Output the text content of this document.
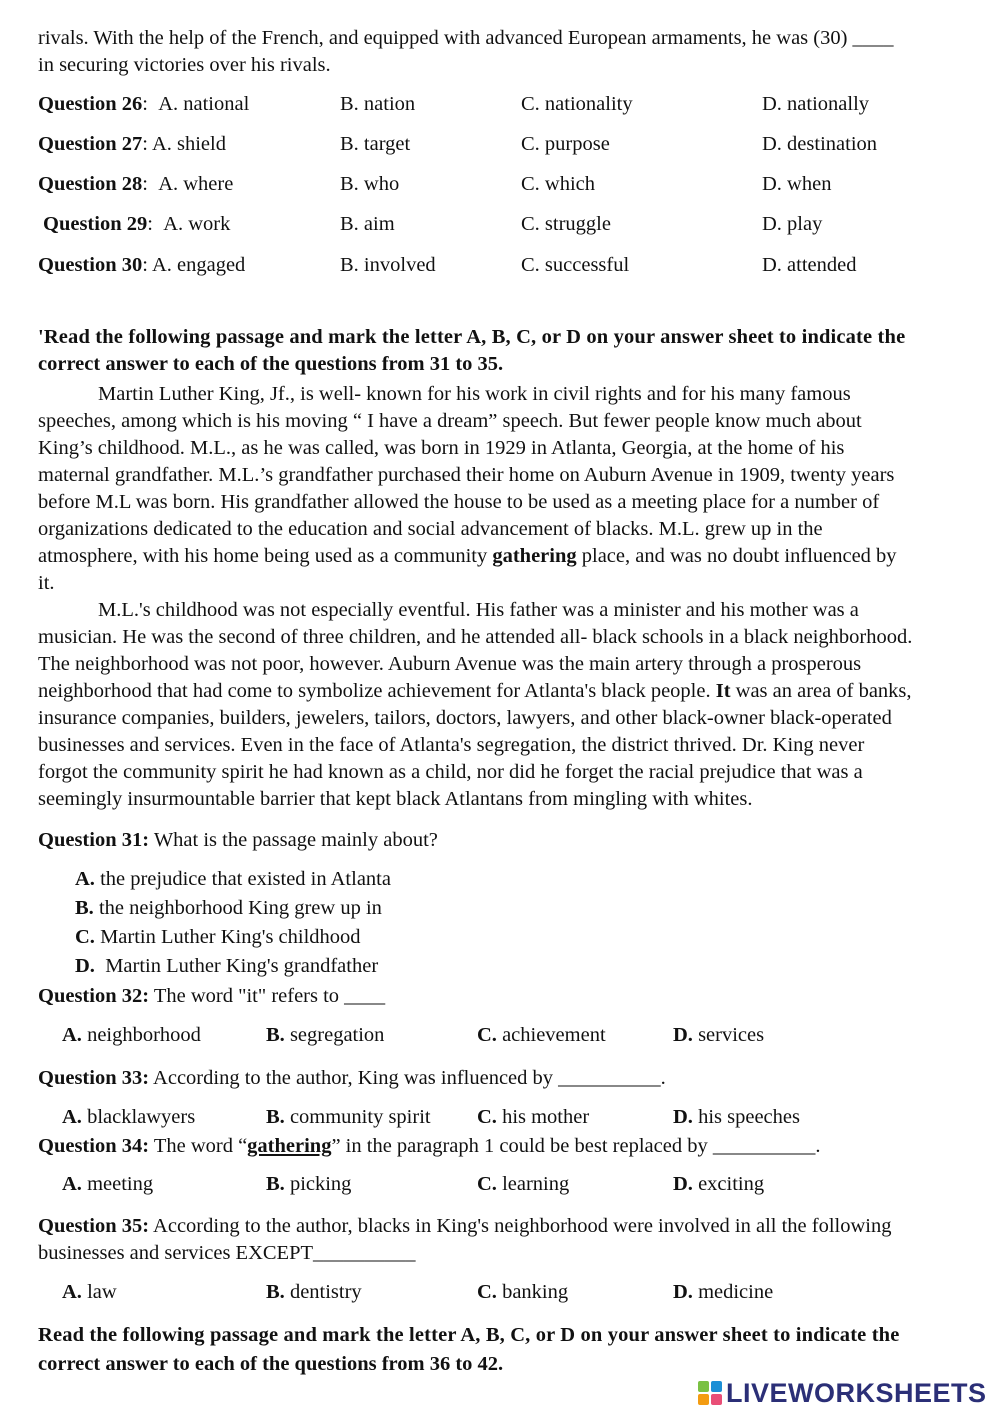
rivals. With the help of the French, and equipped with advanced European armaments, he was (30) ____
in securing victories over his rivals.
Question 26:  A. national	B. nation	C. nationality	D. nationally
Question 27: A. shield	B. target	C. purpose	D. destination
Question 28:  A. where	B. who	C. which	D. when
Question 29:  A. work	B. aim	C. struggle	D. play
Question 30: A. engaged	B. involved	C. successful	D. attended
'Read the following passage and mark the letter A, B, C, or D on your answer sheet to indicate the
correct answer to each of the questions from 31 to 35.
Martin Luther King, Jf., is well- known for his work in civil rights and for his many famous
speeches, among which is his moving “ I have a dream” speech. But fewer people know much about
King’s childhood. M.L., as he was called, was born in 1929 in Atlanta, Georgia, at the home of his
maternal grandfather. M.L.’s grandfather purchased their home on Auburn Avenue in 1909, twenty years
before M.L was born. His grandfather allowed the house to be used as a meeting place for a number of
organizations dedicated to the education and social advancement of blacks. M.L. grew up in the
atmosphere, with his home being used as a community gathering place, and was no doubt influenced by
it.
M.L.'s childhood was not especially eventful. His father was a minister and his mother was a
musician. He was the second of three children, and he attended all- black schools in a black neighborhood.
The neighborhood was not poor, however. Auburn Avenue was the main artery through a prosperous
neighborhood that had come to symbolize achievement for Atlanta's black people. It was an area of banks,
insurance companies, builders, jewelers, tailors, doctors, lawyers, and other black-owner black-operated
businesses and services. Even in the face of Atlanta's segregation, the district thrived. Dr. King never
forgot the community spirit he had known as a child, nor did he forget the racial prejudice that was a
seemingly insurmountable barrier that kept black Atlantans from mingling with whites.
Question 31: What is the passage mainly about?
A. the prejudice that existed in Atlanta
B. the neighborhood King grew up in
C. Martin Luther King's childhood
D.  Martin Luther King's grandfather
Question 32: The word "it" refers to ____
A. neighborhood	B. segregation	C. achievement	D. services
Question 33: According to the author, King was influenced by __________.
A. blacklawyers	B. community spirit C. his mother	D. his speeches
Question 34: The word “gathering” in the paragraph 1 could be best replaced by __________.
A. meeting	B. picking	C. learning	D. exciting
Question 35: According to the author, blacks in King's neighborhood were involved in all the following
businesses and services EXCEPT__________
A. law	B. dentistry	C. banking	D. medicine
Read the following passage and mark the letter A, B, C, or D on your answer sheet to indicate the
correct answer to each of the questions from 36 to 42.
LIVEWORKSHEETS
